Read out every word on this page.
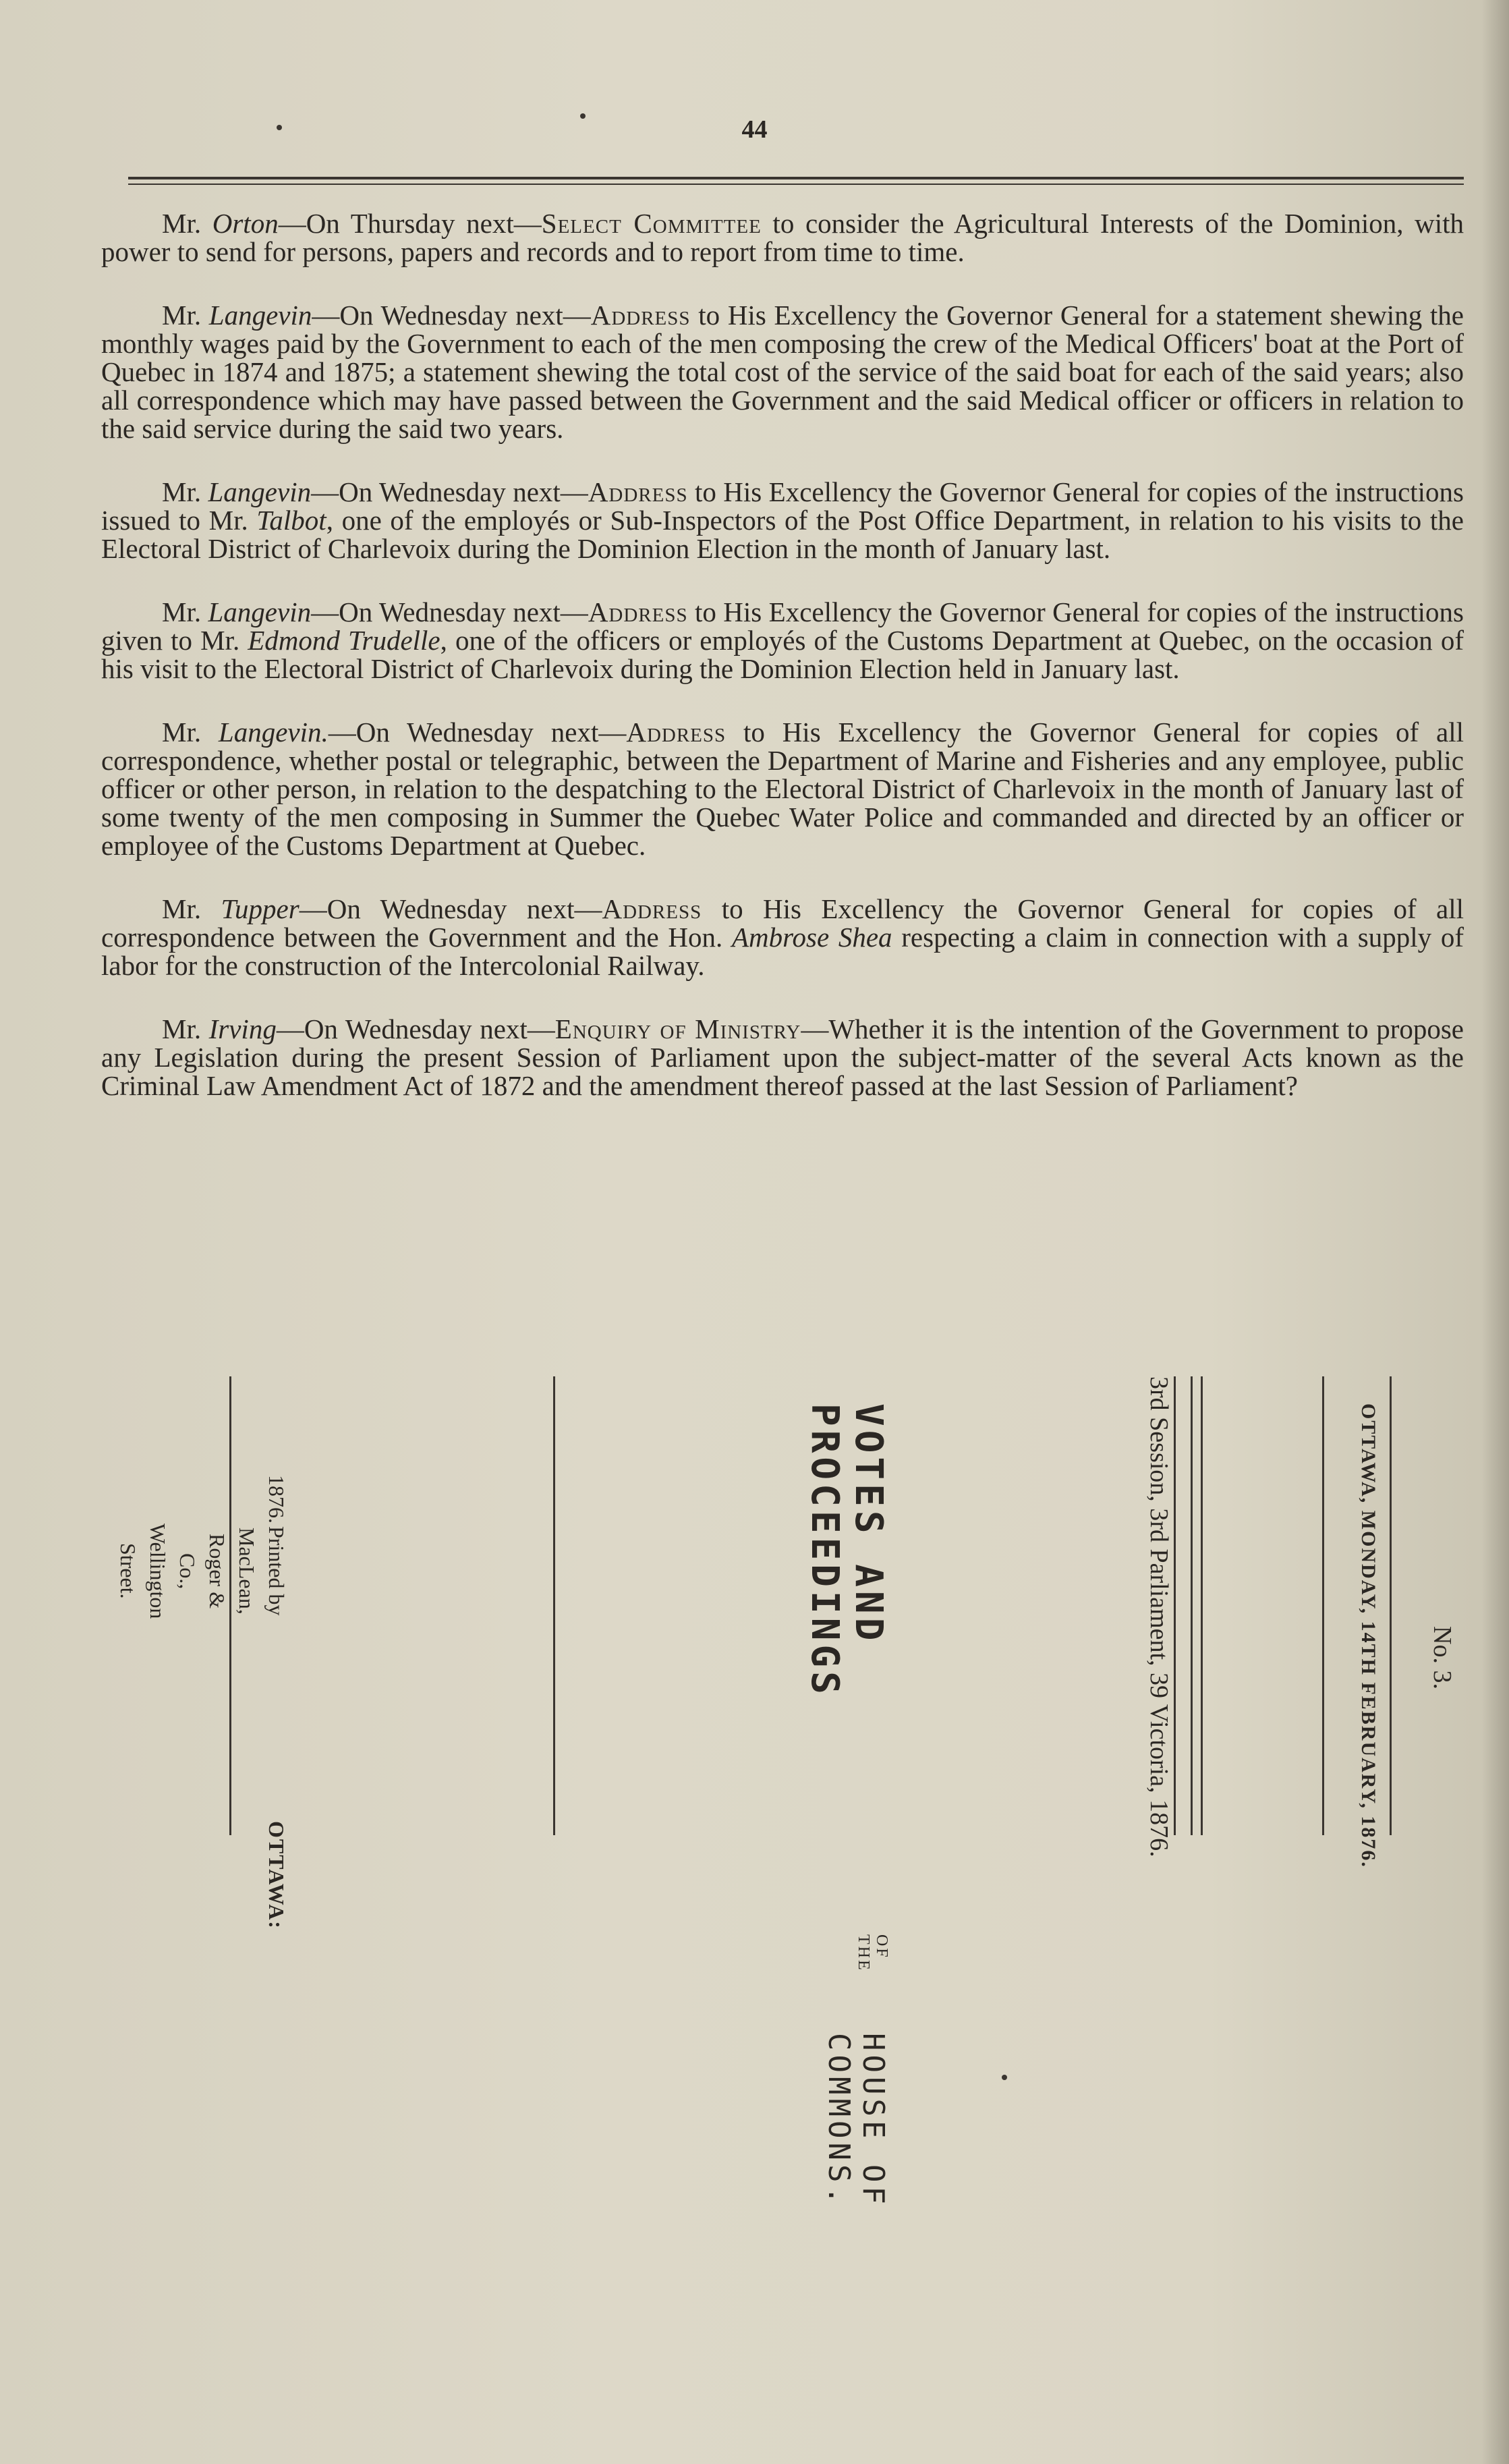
44

Mr. Orton—On Thursday next—Select Committee to consider the Agricultural Interests of the Dominion, with power to send for persons, papers and records and to report from time to time.

Mr. Langevin—On Wednesday next—Address to His Excellency the Governor General for a statement shewing the monthly wages paid by the Government to each of the men composing the crew of the Medical Officers' boat at the Port of Quebec in 1874 and 1875; a statement shewing the total cost of the service of the said boat for each of the said years; also all correspondence which may have passed between the Government and the said Medical officer or officers in relation to the said service during the said two years.

Mr. Langevin—On Wednesday next—Address to His Excellency the Governor General for copies of the instructions issued to Mr. Talbot, one of the employés or Sub-Inspectors of the Post Office Department, in relation to his visits to the Electoral District of Charlevoix during the Dominion Election in the month of January last.

Mr. Langevin—On Wednesday next—Address to His Excellency the Governor General for copies of the instructions given to Mr. Edmond Trudelle, one of the officers or employés of the Customs Department at Quebec, on the occasion of his visit to the Electoral District of Charlevoix during the Dominion Election held in January last.

Mr. Langevin.—On Wednesday next—Address to His Excellency the Governor General for copies of all correspondence, whether postal or telegraphic, between the Department of Marine and Fisheries and any employee, public officer or other person, in relation to the despatching to the Electoral District of Charlevoix in the month of January last of some twenty of the men composing in Summer the Quebec Water Police and commanded and directed by an officer or employee of the Customs Department at Quebec.

Mr. Tupper—On Wednesday next—Address to His Excellency the Governor General for copies of all correspondence between the Government and the Hon. Ambrose Shea respecting a claim in connection with a supply of labor for the construction of the Intercolonial Railway.

Mr. Irving—On Wednesday next—Enquiry of Ministry—Whether it is the intention of the Government to propose any Legislation during the present Session of Parliament upon the subject-matter of the several Acts known as the Criminal Law Amendment Act of 1872 and the amendment thereof passed at the last Session of Parliament?

OTTAWA:
Printed by MacLean, Roger & Co., Wellington Street.
1876.	VOTES AND PROCEEDINGS
OF THE
HOUSE OF COMMONS.
3rd Session, 3rd Parliament, 39 Victoria, 1876.	OTTAWA, MONDAY, 14TH FEBRUARY, 1876.	No. 3.
